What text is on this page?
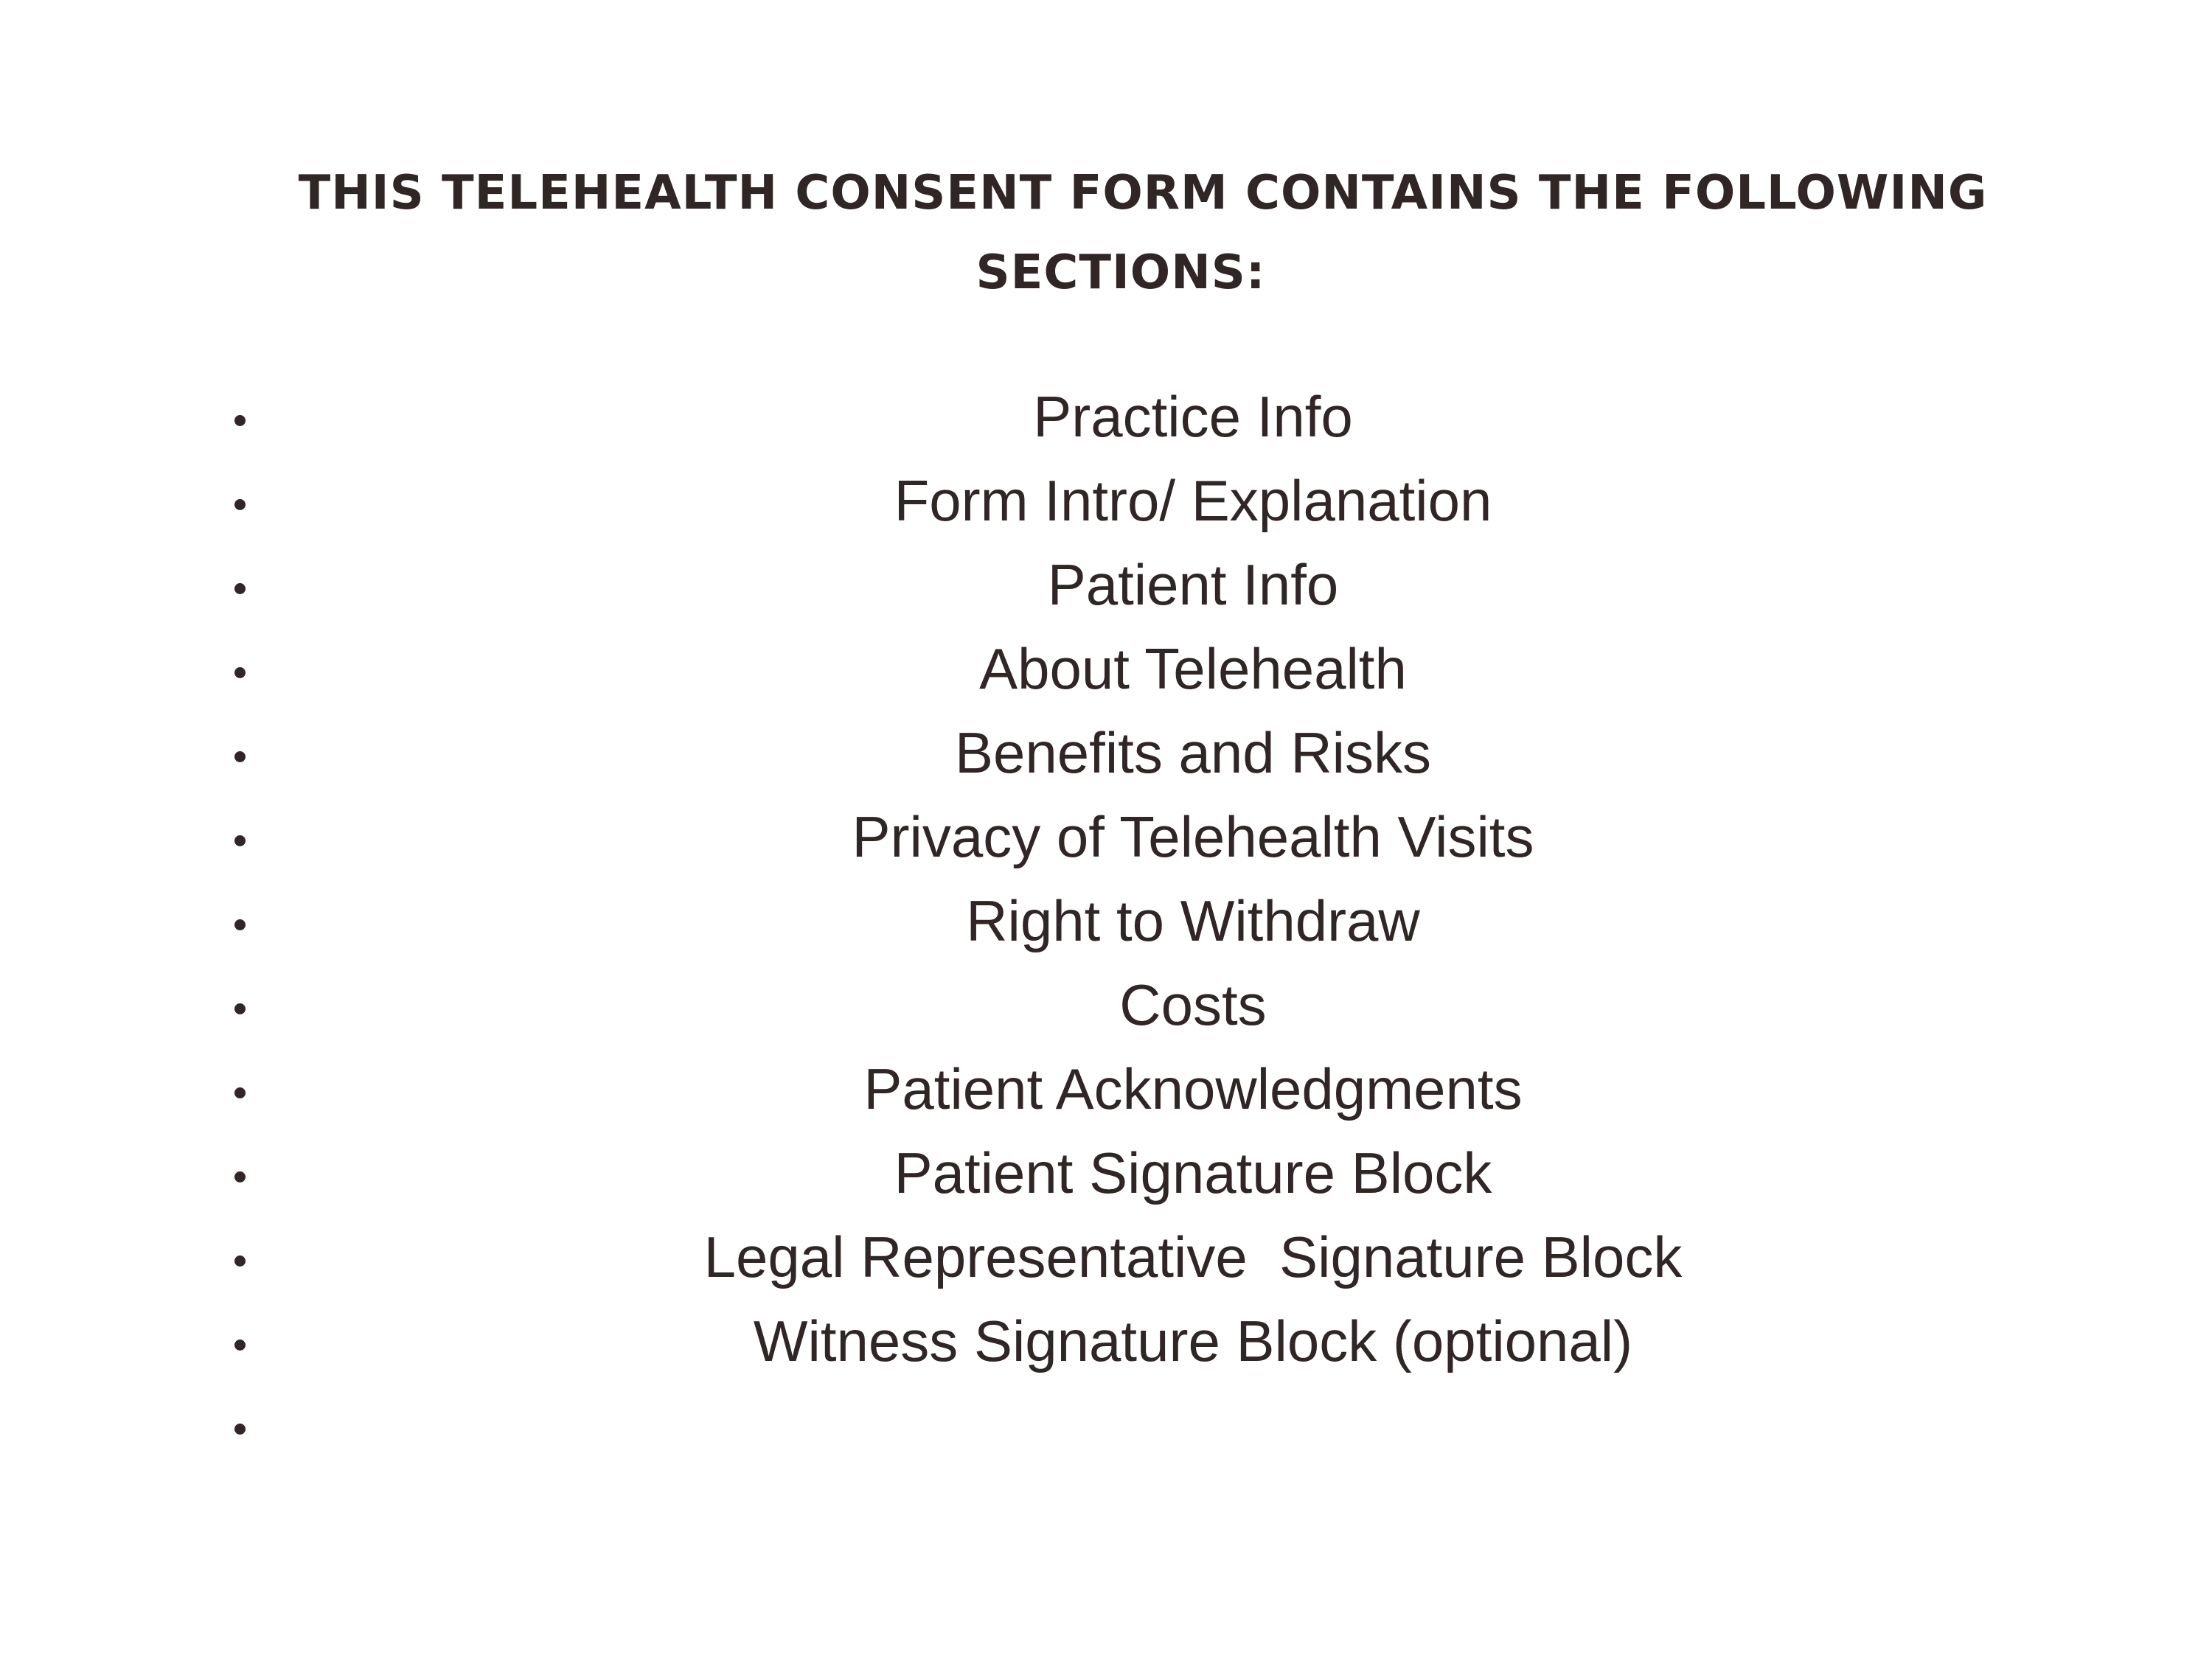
THIS TELEHEALTH CONSENT FORM CONTAINS THE FOLLOWING
SECTIONS:
Practice Info
Form Intro/ Explanation
Patient Info
About Telehealth
Benefits and Risks
Privacy of Telehealth Visits
Right to Withdraw
Costs
Patient Acknowledgments
Patient Signature Block
Legal Representative  Signature Block
Witness Signature Block (optional)
